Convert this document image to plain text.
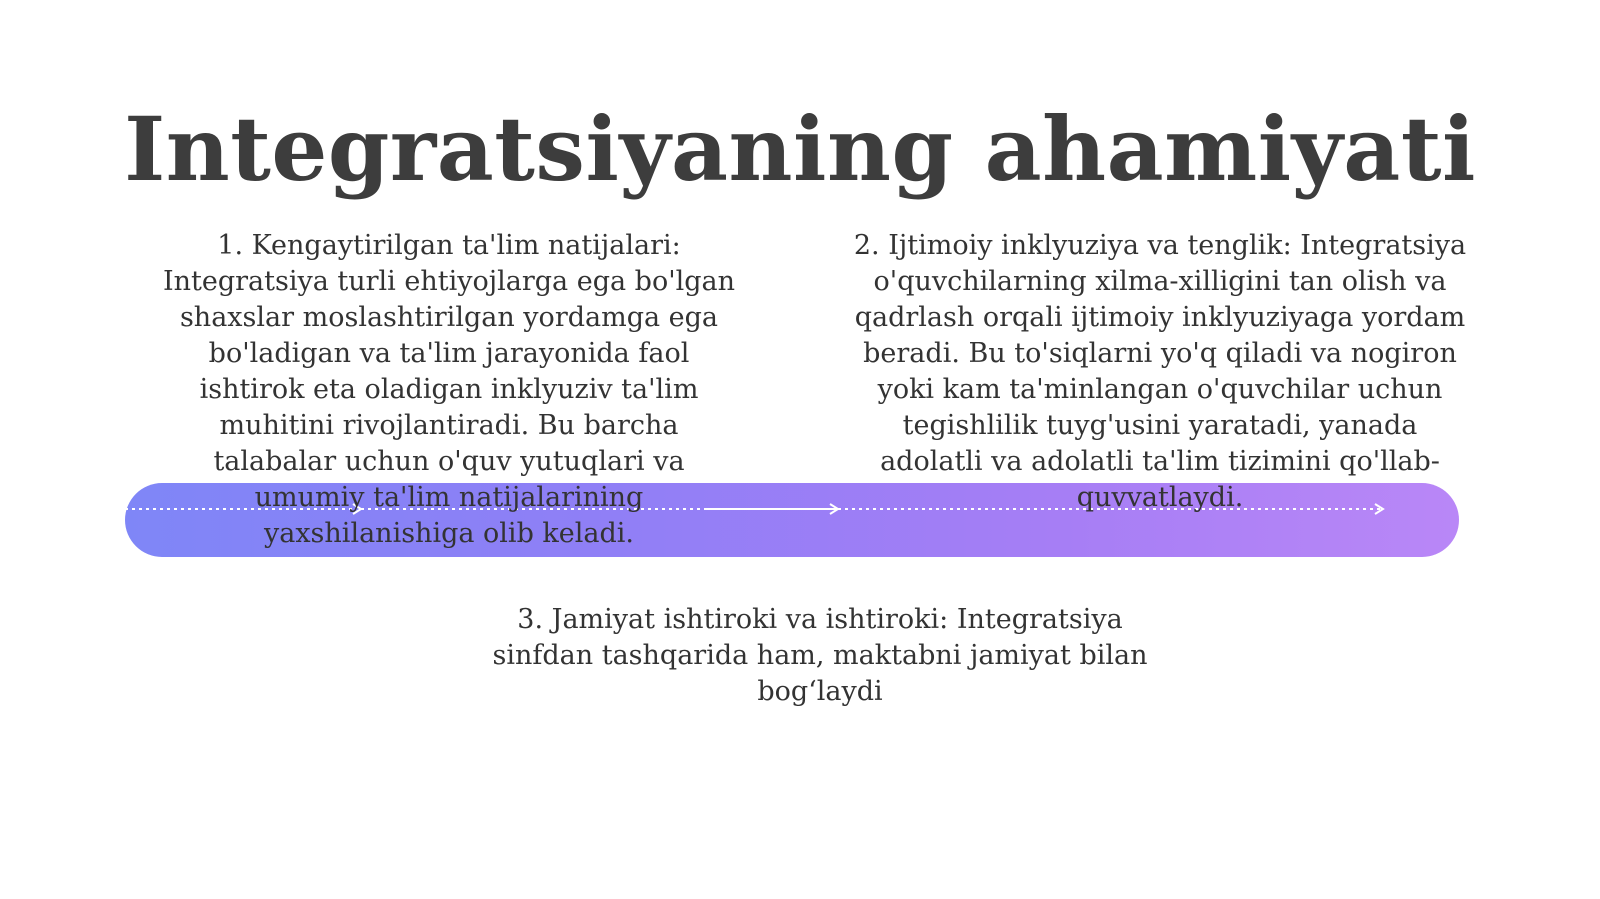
Integratsiyaning ahamiyati

1. Kengaytirilgan ta'lim natijalari: Integratsiya turli ehtiyojlarga ega bo'lgan shaxslar moslashtirilgan yordamga ega bo'ladigan va ta'lim jarayonida faol ishtirok eta oladigan inklyuziv ta'lim muhitini rivojlantiradi. Bu barcha talabalar uchun o'quv yutuqlari va umumiy ta'lim natijalarining yaxshilanishiga olib keladi.

2. Ijtimoiy inklyuziya va tenglik: Integratsiya o'quvchilarning xilma-xilligini tan olish va qadrlash orqali ijtimoiy inklyuziyaga yordam beradi. Bu to'siqlarni yo'q qiladi va nogiron yoki kam ta'minlangan o'quvchilar uchun tegishlilik tuyg'usini yaratadi, yanada adolatli va adolatli ta'lim tizimini qo'llab-quvvatlaydi.

3. Jamiyat ishtiroki va ishtiroki: Integratsiya sinfdan tashqarida ham, maktabni jamiyat bilan bog‘laydi
